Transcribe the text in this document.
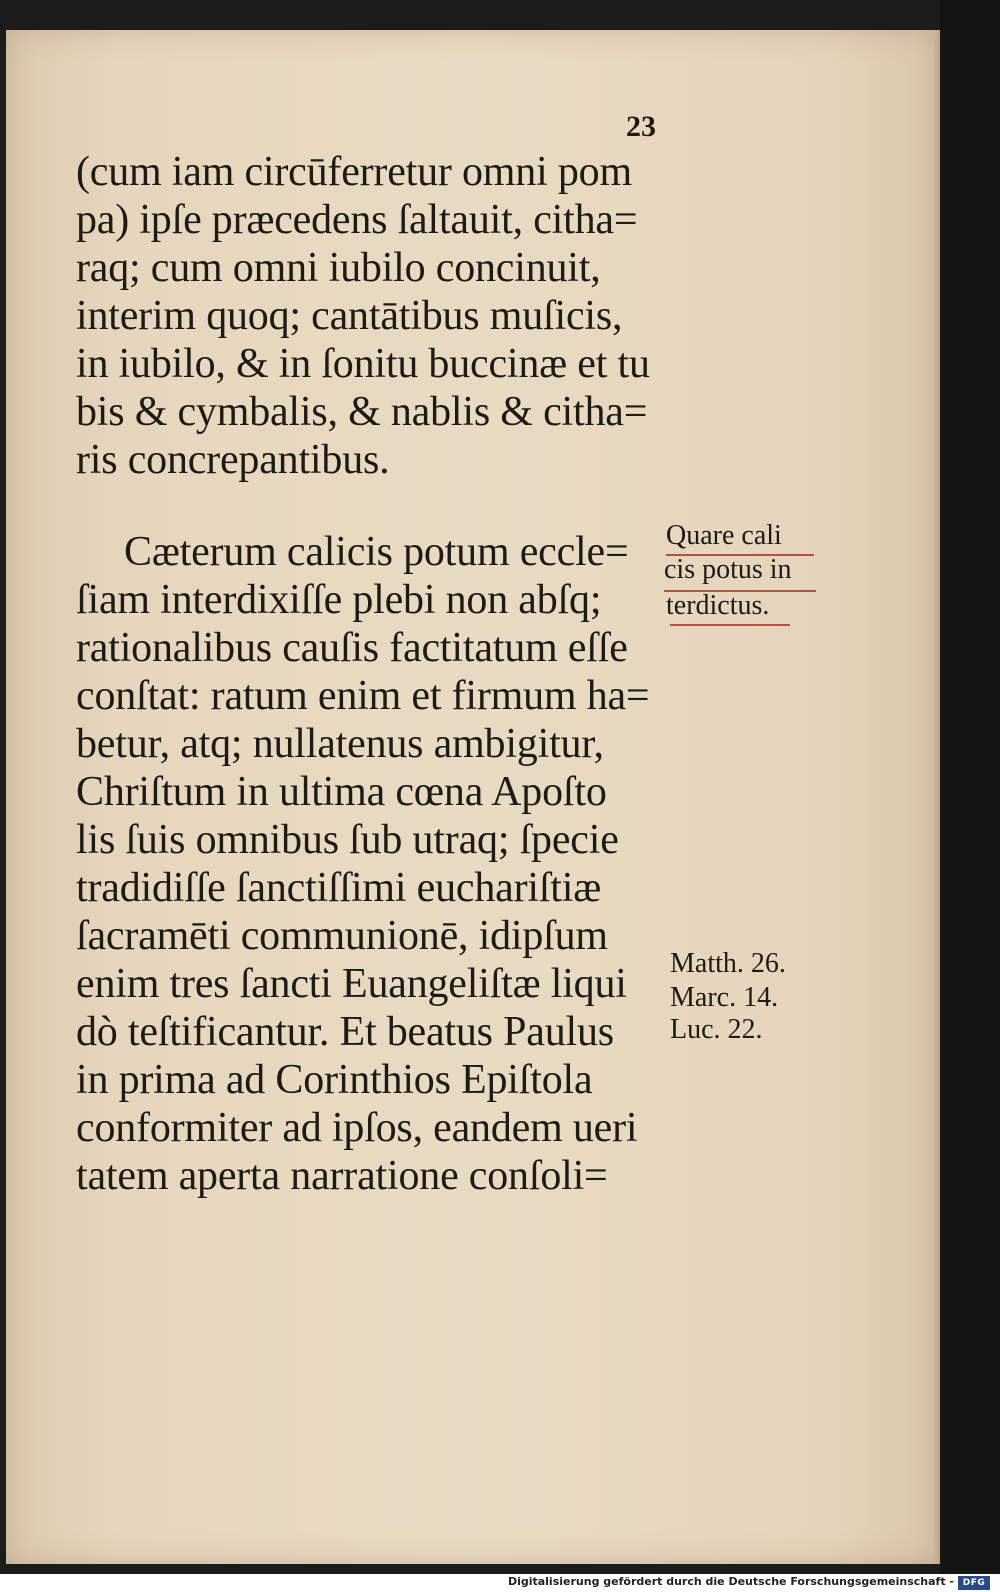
23
(cum iam circūferretur omni pom
pa) ipſe præcedens ſaltauit, citha=
raq; cum omni iubilo concinuit,
interim quoq; cantātibus muſicis,
in iubilo, & in ſonitu buccinæ et tu
bis & cymbalis, & nablis & citha=
ris concrepantibus.
Cæterum calicis potum eccle=
ſiam interdixiſſe plebi non abſq;
rationalibus cauſis factitatum eſſe
conſtat: ratum enim et firmum ha=
betur, atq; nullatenus ambigitur,
Chriſtum in ultima cœna Apoſto
lis ſuis omnibus ſub utraq; ſpecie
tradidiſſe ſanctiſſimi euchariſtiæ
ſacramēti communionē, idipſum
enim tres ſancti Euangeliſtæ liqui
dò teſtificantur. Et beatus Paulus
in prima ad Corinthios Epiſtola
conformiter ad ipſos, eandem ueri
tatem aperta narratione conſoli=
Quare cali
cis potus in
terdictus.
Matth. 26.
Marc. 14.
Luc. 22.
Digitalisierung gefördert durch die Deutsche Forschungsgemeinschaft - DFG
